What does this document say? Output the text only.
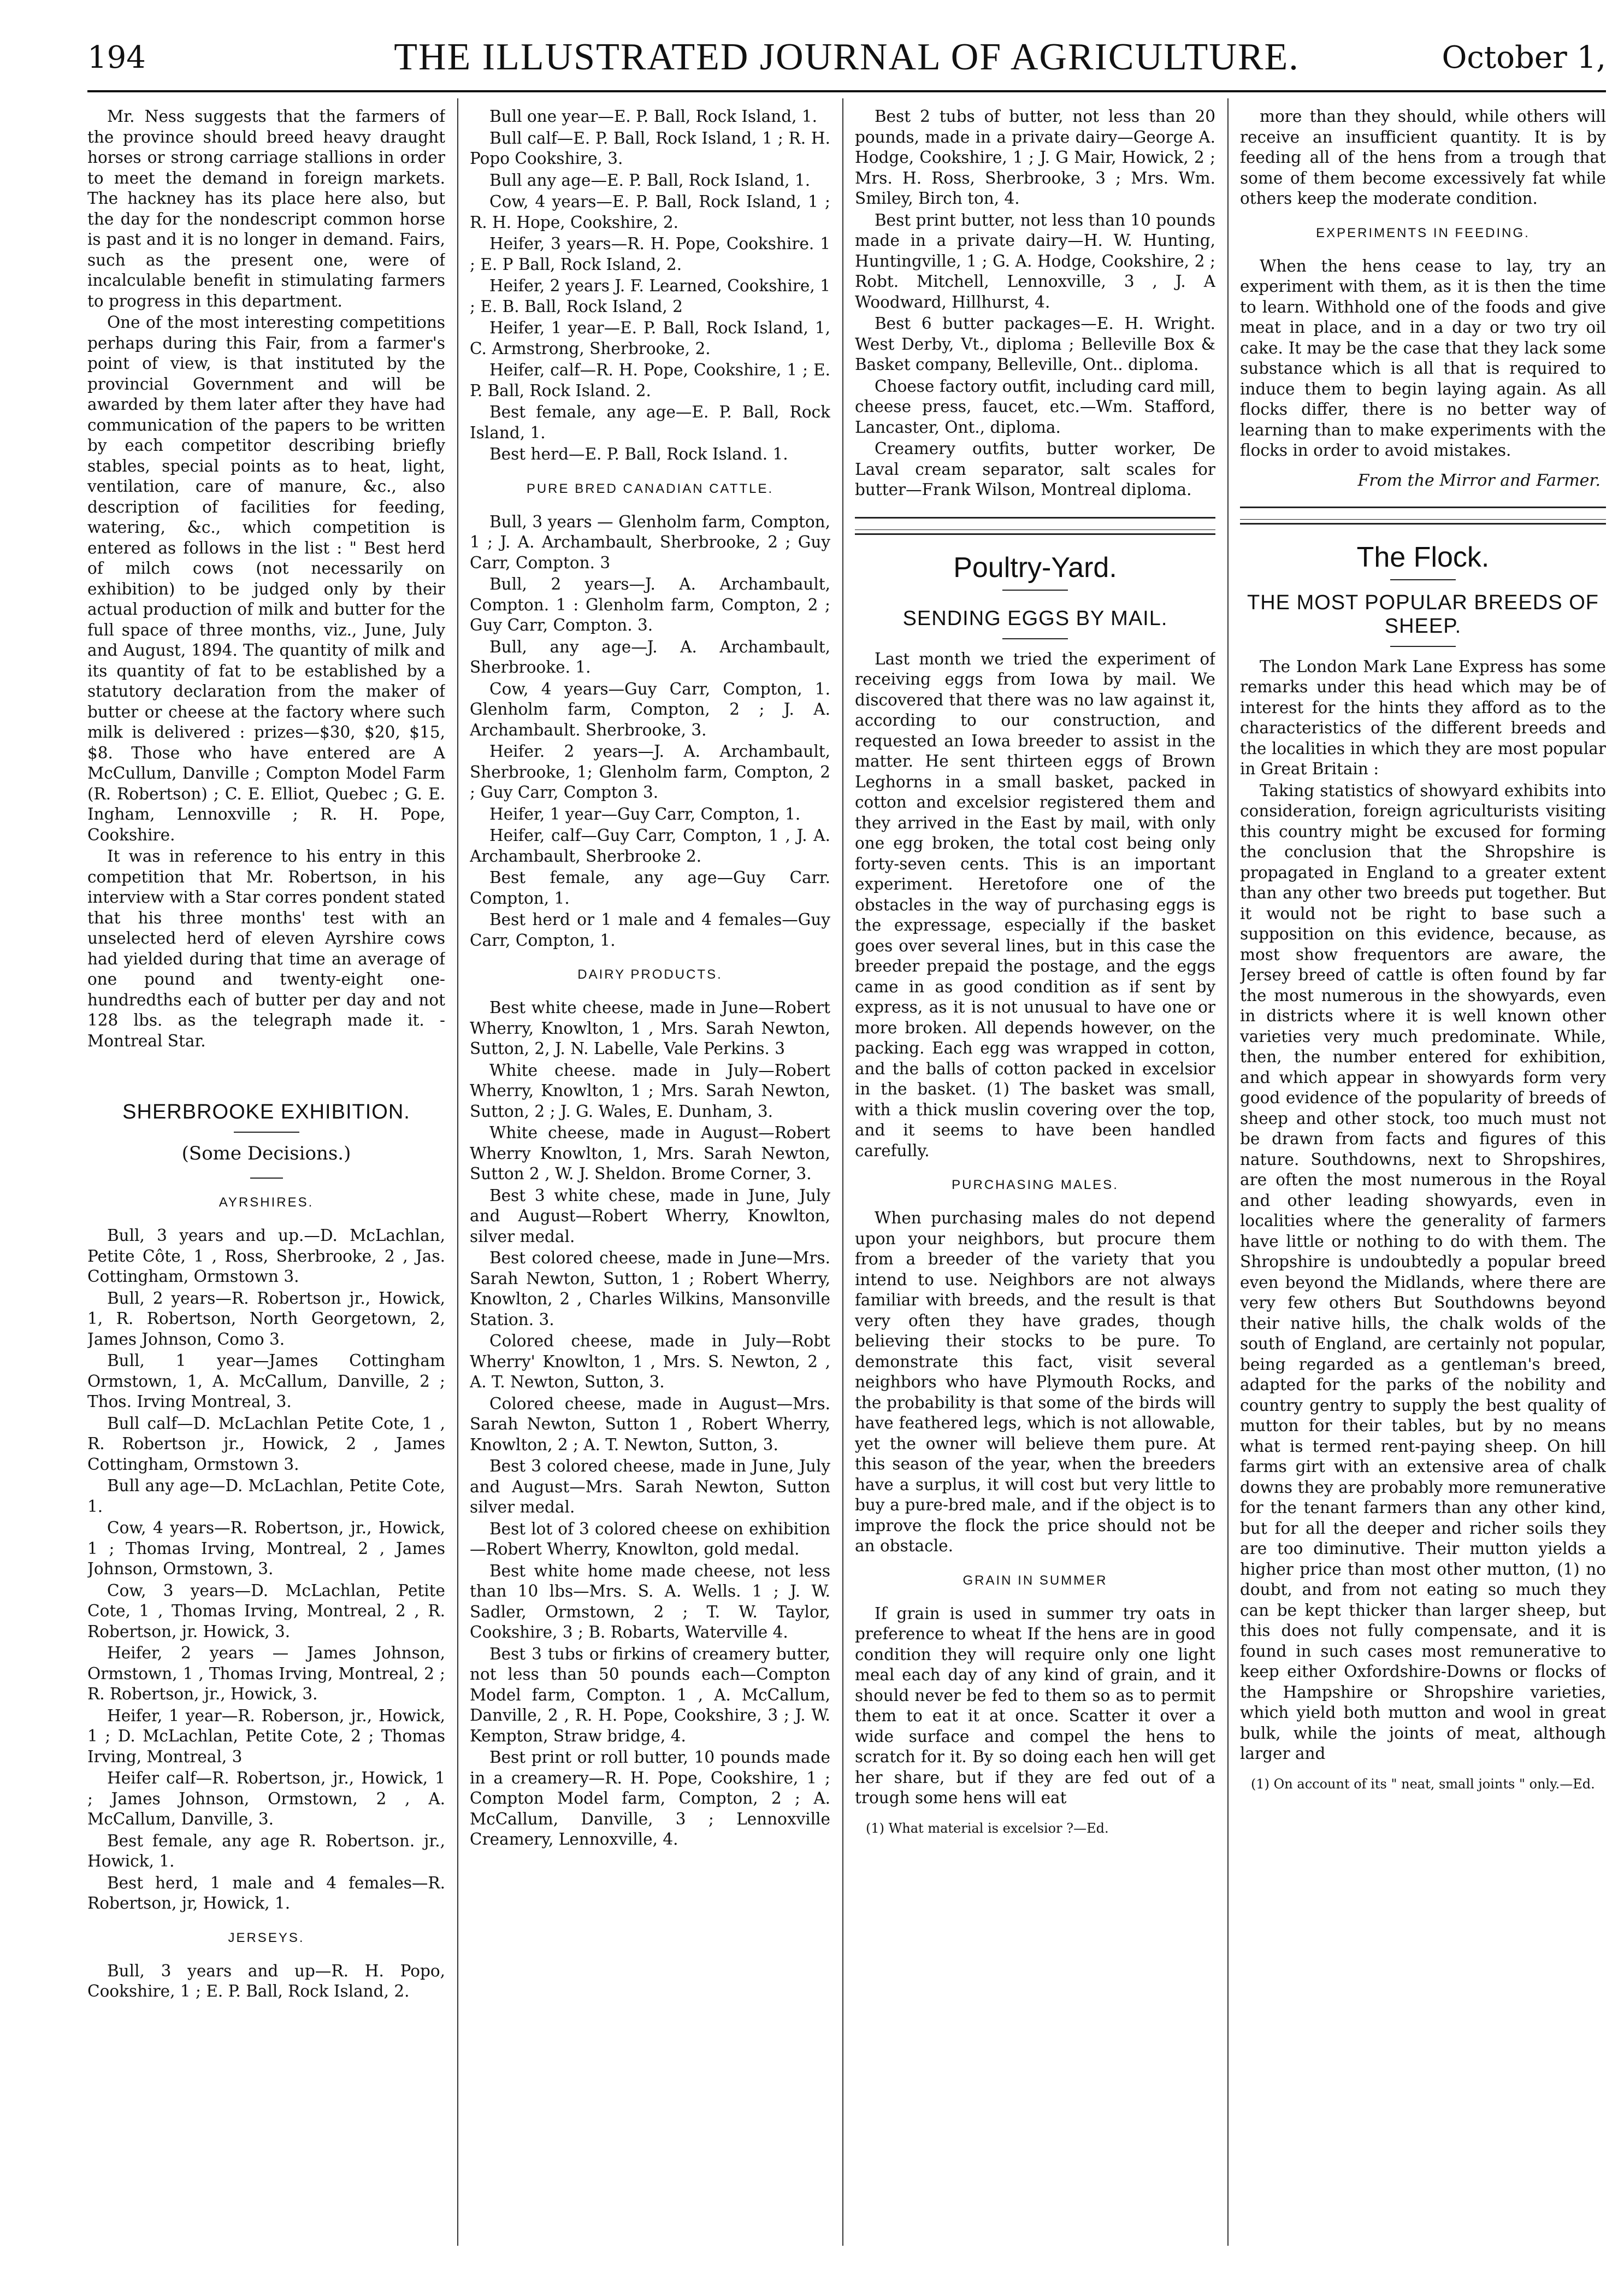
194	THE ILLUSTRATED JOURNAL OF AGRICULTURE.	October 1,

Mr. Ness suggests that the farmers of the province should breed heavy draught horses or strong carriage stallions in order to meet the demand in foreign markets. The hackney has its place here also, but the day for the nondescript common horse is past and it is no longer in demand. Fairs, such as the present one, were of incalculable benefit in stimulating farmers to progress in this department.

One of the most interesting competitions perhaps during this Fair, from a farmer's point of view, is that instituted by the provincial Government and will be awarded by them later after they have had communication of the papers to be written by each competitor describing briefly stables, special points as to heat, light, ventilation, care of manure, &c., also description of facilities for feeding, watering, &c., which competition is entered as follows in the list : " Best herd of milch cows (not necessarily on exhibition) to be judged only by their actual production of milk and butter for the full space of three months, viz., June, July and August, 1894. The quantity of milk and its quantity of fat to be established by a statutory declaration from the maker of butter or cheese at the factory where such milk is delivered : prizes—$30, $20, $15, $8. Those who have entered are A McCullum, Danville ; Compton Model Farm (R. Robertson) ; C. E. Elliot, Quebec ; G. E. Ingham, Lennoxville ; R. H. Pope, Cookshire.

It was in reference to his entry in this competition that Mr. Robertson, in his interview with a Star corres pondent stated that his three months' test with an unselected herd of eleven Ayrshire cows had yielded during that time an average of one pound and twenty-eight one-hundredths each of butter per day and not 128 lbs. as the telegraph made it. - Montreal Star.

SHERBROOKE EXHIBITION.
(Some Decisions.)
AYRSHIRES.

Bull, 3 years and up.—D. McLachlan, Petite Côte, 1 , Ross, Sherbrooke, 2 , Jas. Cottingham, Ormstown 3.

Bull, 2 years—R. Robertson jr., Howick, 1, R. Robertson, North Georgetown, 2, James Johnson, Como 3.

Bull, 1 year—James Cottingham Ormstown, 1, A. McCallum, Danville, 2 ; Thos. Irving Montreal, 3.

Bull calf—D. McLachlan Petite Cote, 1 , R. Robertson jr., Howick, 2 , James Cottingham, Ormstown 3.

Bull any age—D. McLachlan, Petite Cote, 1.

Cow, 4 years—R. Robertson, jr., Howick, 1 ; Thomas Irving, Montreal, 2 , James Johnson, Ormstown, 3.

Cow, 3 years—D. McLachlan, Petite Cote, 1 , Thomas Irving, Montreal, 2 , R. Robertson, jr. Howick, 3.

Heifer, 2 years — James Johnson, Ormstown, 1 , Thomas Irving, Montreal, 2 ; R. Robertson, jr., Howick, 3.

Heifer, 1 year—R. Roberson, jr., Howick, 1 ; D. McLachlan, Petite Cote, 2 ; Thomas Irving, Montreal, 3

Heifer calf—R. Robertson, jr., Howick, 1 ; James Johnson, Ormstown, 2 , A. McCallum, Danville, 3.

Best female, any age R. Robertson. jr., Howick, 1.

Best herd, 1 male and 4 females—R. Robertson, jr, Howick, 1.

JERSEYS.

Bull, 3 years and up—R. H. Popo, Cookshire, 1 ; E. P. Ball, Rock Island, 2.

Bull one year—E. P. Ball, Rock Island, 1.

Bull calf—E. P. Ball, Rock Island, 1 ; R. H. Popo Cookshire, 3.

Bull any age—E. P. Ball, Rock Island, 1.

Cow, 4 years—E. P. Ball, Rock Island, 1 ; R. H. Hope, Cookshire, 2.

Heifer, 3 years—R. H. Pope, Cookshire. 1 ; E. P Ball, Rock Island, 2.

Heifer, 2 years J. F. Learned, Cookshire, 1 ; E. B. Ball, Rock Island, 2

Heifer, 1 year—E. P. Ball, Rock Island, 1, C. Armstrong, Sherbrooke, 2.

Heifer, calf—R. H. Pope, Cookshire, 1 ; E. P. Ball, Rock Island. 2.

Best female, any age—E. P. Ball, Rock Island, 1.

Best herd—E. P. Ball, Rock Island. 1.

PURE BRED CANADIAN CATTLE.

Bull, 3 years — Glenholm farm, Compton, 1 ; J. A. Archambault, Sherbrooke, 2 ; Guy Carr, Compton. 3

Bull, 2 years—J. A. Archambault, Compton. 1 : Glenholm farm, Compton, 2 ; Guy Carr, Compton. 3.

Bull, any age—J. A. Archambault, Sherbrooke. 1.

Cow, 4 years—Guy Carr, Compton, 1. Glenholm farm, Compton, 2 ; J. A. Archambault. Sherbrooke, 3.

Heifer. 2 years—J. A. Archambault, Sherbrooke, 1; Glenholm farm, Compton, 2 ; Guy Carr, Compton 3.

Heifer, 1 year—Guy Carr, Compton, 1.

Heifer, calf—Guy Carr, Compton, 1 , J. A. Archambault, Sherbrooke 2.

Best female, any age—Guy Carr. Compton, 1.

Best herd or 1 male and 4 females—Guy Carr, Compton, 1.

DAIRY PRODUCTS.

Best white cheese, made in June—Robert Wherry, Knowlton, 1 , Mrs. Sarah Newton, Sutton, 2, J. N. Labelle, Vale Perkins. 3

White cheese. made in July—Robert Wherry, Knowlton, 1 ; Mrs. Sarah Newton, Sutton, 2 ; J. G. Wales, E. Dunham, 3.

White cheese, made in August—Robert Wherry Knowlton, 1, Mrs. Sarah Newton, Sutton 2 , W. J. Sheldon. Brome Corner, 3.

Best 3 white chese, made in June, July and August—Robert Wherry, Knowlton, silver medal.

Best colored cheese, made in June—Mrs. Sarah Newton, Sutton, 1 ; Robert Wherry, Knowlton, 2 , Charles Wilkins, Mansonville Station. 3.

Colored cheese, made in July—Robt Wherry' Knowlton, 1 , Mrs. S. Newton, 2 , A. T. Newton, Sutton, 3.

Colored cheese, made in August—Mrs. Sarah Newton, Sutton 1 , Robert Wherry, Knowlton, 2 ; A. T. Newton, Sutton, 3.

Best 3 colored cheese, made in June, July and August—Mrs. Sarah Newton, Sutton silver medal.

Best lot of 3 colored cheese on exhibition—Robert Wherry, Knowlton, gold medal.

Best white home made cheese, not less than 10 lbs—Mrs. S. A. Wells. 1 ; J. W. Sadler, Ormstown, 2 ; T. W. Taylor, Cookshire, 3 ; B. Robarts, Waterville 4.

Best 3 tubs or firkins of creamery butter, not less than 50 pounds each—Compton Model farm, Compton. 1 , A. McCallum, Danville, 2 , R. H. Pope, Cookshire, 3 ; J. W. Kempton, Straw bridge, 4.

Best print or roll butter, 10 pounds made in a creamery—R. H. Pope, Cookshire, 1 ; Compton Model farm, Compton, 2 ; A. McCallum, Danville, 3 ; Lennoxville Creamery, Lennoxville, 4.

Best 2 tubs of butter, not less than 20 pounds, made in a private dairy—George A. Hodge, Cookshire, 1 ; J. G Mair, Howick, 2 ; Mrs. H. Ross, Sherbrooke, 3 ; Mrs. Wm. Smiley, Birch ton, 4.

Best print butter, not less than 10 pounds made in a private dairy—H. W. Hunting, Huntingville, 1 ; G. A. Hodge, Cookshire, 2 ; Robt. Mitchell, Lennoxville, 3 , J. A Woodward, Hillhurst, 4.

Best 6 butter packages—E. H. Wright. West Derby, Vt., diploma ; Belleville Box & Basket company, Belleville, Ont.. diploma.

Choese factory outfit, including card mill, cheese press, faucet, etc.—Wm. Stafford, Lancaster, Ont., diploma.

Creamery outfits, butter worker, De Laval cream separator, salt scales for butter—Frank Wilson, Montreal diploma.

Poultry-Yard.
SENDING EGGS BY MAIL.

Last month we tried the experiment of receiving eggs from Iowa by mail. We discovered that there was no law against it, according to our construction, and requested an Iowa breeder to assist in the matter. He sent thirteen eggs of Brown Leghorns in a small basket, packed in cotton and excelsior registered them and they arrived in the East by mail, with only one egg broken, the total cost being only forty-seven cents. This is an important experiment. Heretofore one of the obstacles in the way of purchasing eggs is the expressage, especially if the basket goes over several lines, but in this case the breeder prepaid the postage, and the eggs came in as good condition as if sent by express, as it is not unusual to have one or more broken. All depends however, on the packing. Each egg was wrapped in cotton, and the balls of cotton packed in excelsior in the basket. (1) The basket was small, with a thick muslin covering over the top, and it seems to have been handled carefully.

PURCHASING MALES.

When purchasing males do not depend upon your neighbors, but procure them from a breeder of the variety that you intend to use. Neighbors are not always familiar with breeds, and the result is that very often they have grades, though believing their stocks to be pure. To demonstrate this fact, visit several neighbors who have Plymouth Rocks, and the probability is that some of the birds will have feathered legs, which is not allowable, yet the owner will believe them pure. At this season of the year, when the breeders have a surplus, it will cost but very little to buy a pure-bred male, and if the object is to improve the flock the price should not be an obstacle.

GRAIN IN SUMMER

If grain is used in summer try oats in preference to wheat If the hens are in good condition they will require only one light meal each day of any kind of grain, and it should never be fed to them so as to permit them to eat it at once. Scatter it over a wide surface and compel the hens to scratch for it. By so doing each hen will get her share, but if they are fed out of a trough some hens will eat

(1) What material is excelsior ?—Ed.

more than they should, while others will receive an insufficient quantity. It is by feeding all of the hens from a trough that some of them become excessively fat while others keep the moderate condition.

EXPERIMENTS IN FEEDING.

When the hens cease to lay, try an experiment with them, as it is then the time to learn. Withhold one of the foods and give meat in place, and in a day or two try oil cake. It may be the case that they lack some substance which is all that is required to induce them to begin laying again. As all flocks differ, there is no better way of learning than to make experiments with the flocks in order to avoid mistakes.

From the Mirror and Farmer.
The Flock.
THE MOST POPULAR BREEDS OF SHEEP.

The London Mark Lane Express has some remarks under this head which may be of interest for the hints they afford as to the characteristics of the different breeds and the localities in which they are most popular in Great Britain :

Taking statistics of showyard exhibits into consideration, foreign agriculturists visiting this country might be excused for forming the conclusion that the Shropshire is propagated in England to a greater extent than any other two breeds put together. But it would not be right to base such a supposition on this evidence, because, as most show frequentors are aware, the Jersey breed of cattle is often found by far the most numerous in the showyards, even in districts where it is well known other varieties very much predominate. While, then, the number entered for exhibition, and which appear in showyards form very good evidence of the popularity of breeds of sheep and other stock, too much must not be drawn from facts and figures of this nature. Southdowns, next to Shropshires, are often the most numerous in the Royal and other leading showyards, even in localities where the generality of farmers have little or nothing to do with them. The Shropshire is undoubtedly a popular breed even beyond the Midlands, where there are very few others But Southdowns beyond their native hills, the chalk wolds of the south of England, are certainly not popular, being regarded as a gentleman's breed, adapted for the parks of the nobility and country gentry to supply the best quality of mutton for their tables, but by no means what is termed rent-paying sheep. On hill farms girt with an extensive area of chalk downs they are probably more remunerative for the tenant farmers than any other kind, but for all the deeper and richer soils they are too diminutive. Their mutton yields a higher price than most other mutton, (1) no doubt, and from not eating so much they can be kept thicker than larger sheep, but this does not fully compensate, and it is found in such cases most remunerative to keep either Oxfordshire-Downs or flocks of the Hampshire or Shropshire varieties, which yield both mutton and wool in great bulk, while the joints of meat, although larger and

(1) On account of its " neat, small joints " only.—Ed.
